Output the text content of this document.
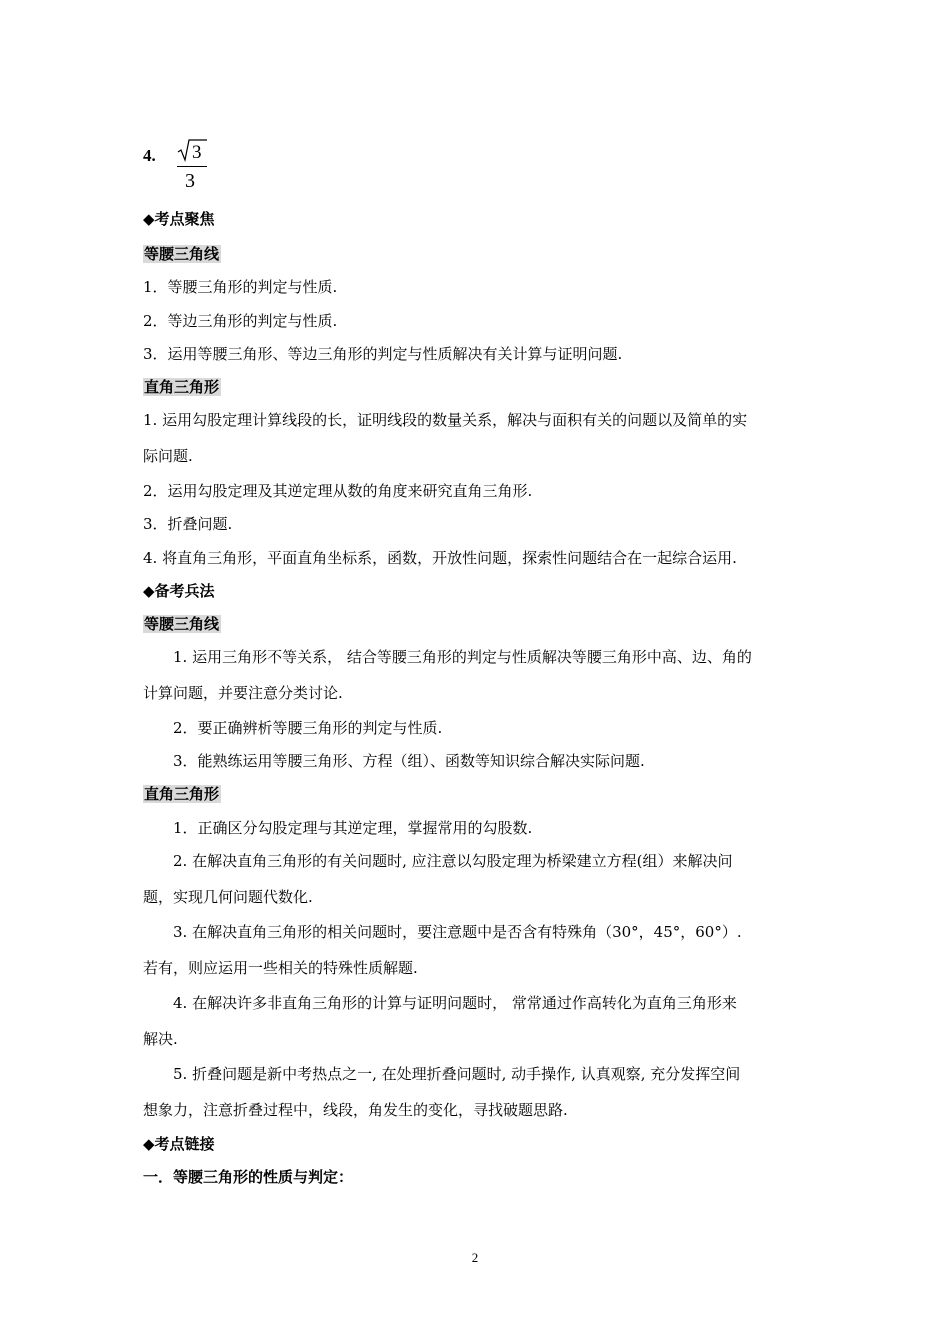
4. 3
3
◆考点聚焦
等腰三角线
1．等腰三角形的判定与性质.
2．等边三角形的判定与性质.
3．运用等腰三角形、等边三角形的判定与性质解决有关计算与证明问题.
直角三角形
1. 运用勾股定理计算线段的长，证明线段的数量关系，解决与面积有关的问题以及简单的实
际问题.
2．运用勾股定理及其逆定理从数的角度来研究直角三角形.
3．折叠问题.
4. 将直角三角形，平面直角坐标系，函数，开放性问题，探索性问题结合在一起综合运用.
◆备考兵法
等腰三角线
1. 运用三角形不等关系， 结合等腰三角形的判定与性质解决等腰三角形中高、边、角的
计算问题，并要注意分类讨论.
2．要正确辨析等腰三角形的判定与性质.
3．能熟练运用等腰三角形、方程（组）、函数等知识综合解决实际问题.
直角三角形
1．正确区分勾股定理与其逆定理，掌握常用的勾股数.
2. 在解决直角三角形的有关问题时, 应注意以勾股定理为桥梁建立方程(组）来解决问
题，实现几何问题代数化.
3. 在解决直角三角形的相关问题时，要注意题中是否含有特殊角（30°，45°，60°）.
若有，则应运用一些相关的特殊性质解题.
4. 在解决许多非直角三角形的计算与证明问题时， 常常通过作高转化为直角三角形来
解决.
5. 折叠问题是新中考热点之一, 在处理折叠问题时, 动手操作, 认真观察, 充分发挥空间
想象力，注意折叠过程中，线段，角发生的变化，寻找破题思路.
◆考点链接
一．等腰三角形的性质与判定：
2
